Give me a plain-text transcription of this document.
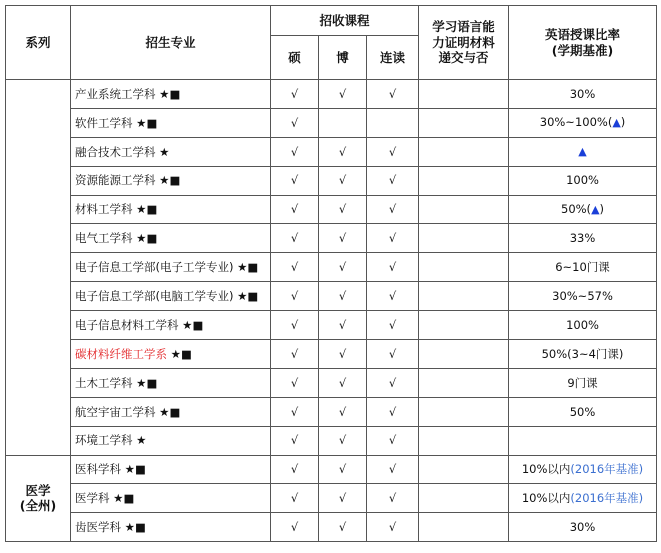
系列	招生专业	招收课程			学习语言能
力证明材料
递交与否	英语授课比率
(学期基准)

		硕	博	连读		
	产业系统工学科 ★■	√	√	√		30%
	软件工学科 ★■	√				30%~100%(▲)
	融合技术工学科 ★	√	√	√		▲
	资源能源工学科 ★■	√	√	√		100%
	材料工学科 ★■	√	√	√		50%(▲)
	电气工学科 ★■	√	√	√		33%
	电子信息工学部(电子工学专业) ★■	√	√	√		6~10门课
	电子信息工学部(电脑工学专业) ★■	√	√	√		30%~57%
	电子信息材料工学科 ★■	√	√	√		100%
	碳材料纤维工学系 ★■	√	√	√		50%(3~4门课)
	土木工学科 ★■	√	√	√		9门课
	航空宇宙工学科 ★■	√	√	√		50%
	环境工学科 ★	√	√	√		

医学
(全州)	医科学科 ★■	√	√	√		10%以内(2016年基准)
	医学科 ★■	√	√	√		10%以内(2016年基准)
	齿医学科 ★■	√	√	√		30%
